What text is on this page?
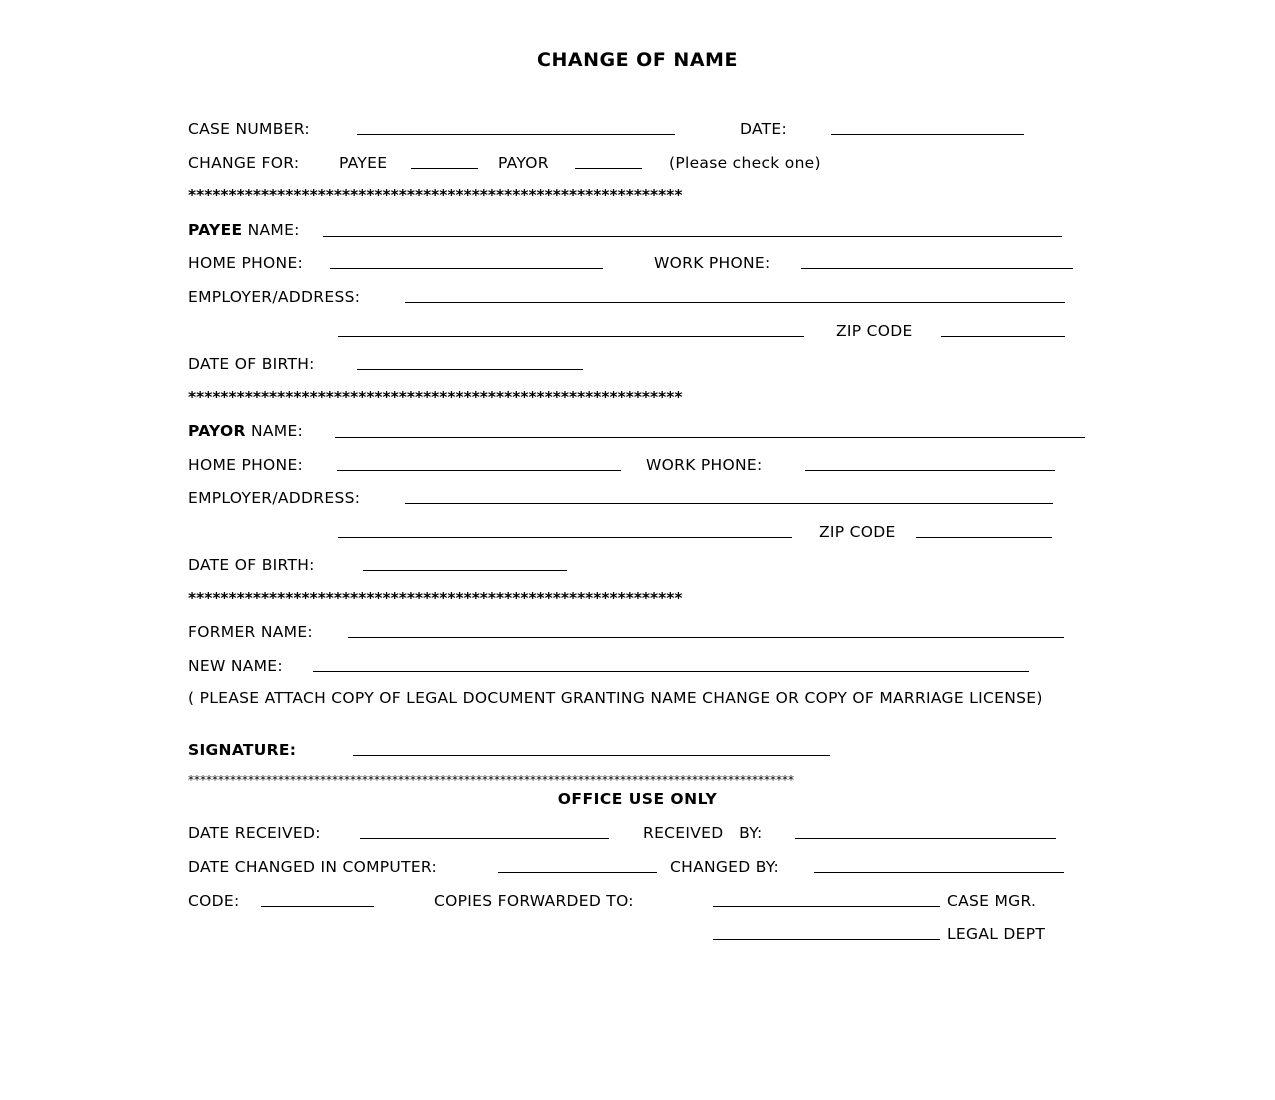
CHANGE OF NAME
CASE NUMBER:	DATE:
CHANGE FOR:	PAYEE	PAYOR	(Please check one)
*************************************************************
PAYEE NAME:
HOME PHONE:	WORK PHONE:
EMPLOYER/ADDRESS:
ZIP CODE
DATE OF BIRTH:
*************************************************************
PAYOR NAME:
HOME PHONE:	WORK PHONE:
EMPLOYER/ADDRESS:
ZIP CODE
DATE OF BIRTH:
*************************************************************
FORMER NAME:
NEW NAME:
( PLEASE ATTACH COPY OF LEGAL DOCUMENT GRANTING NAME CHANGE OR COPY OF MARRIAGE LICENSE)
SIGNATURE:
*****************************************************************************************************
OFFICE USE ONLY
DATE RECEIVED:	RECEIVED   BY:
DATE CHANGED IN COMPUTER:	CHANGED BY:
CODE:	COPIES FORWARDED TO:	CASE MGR.
LEGAL DEPT
